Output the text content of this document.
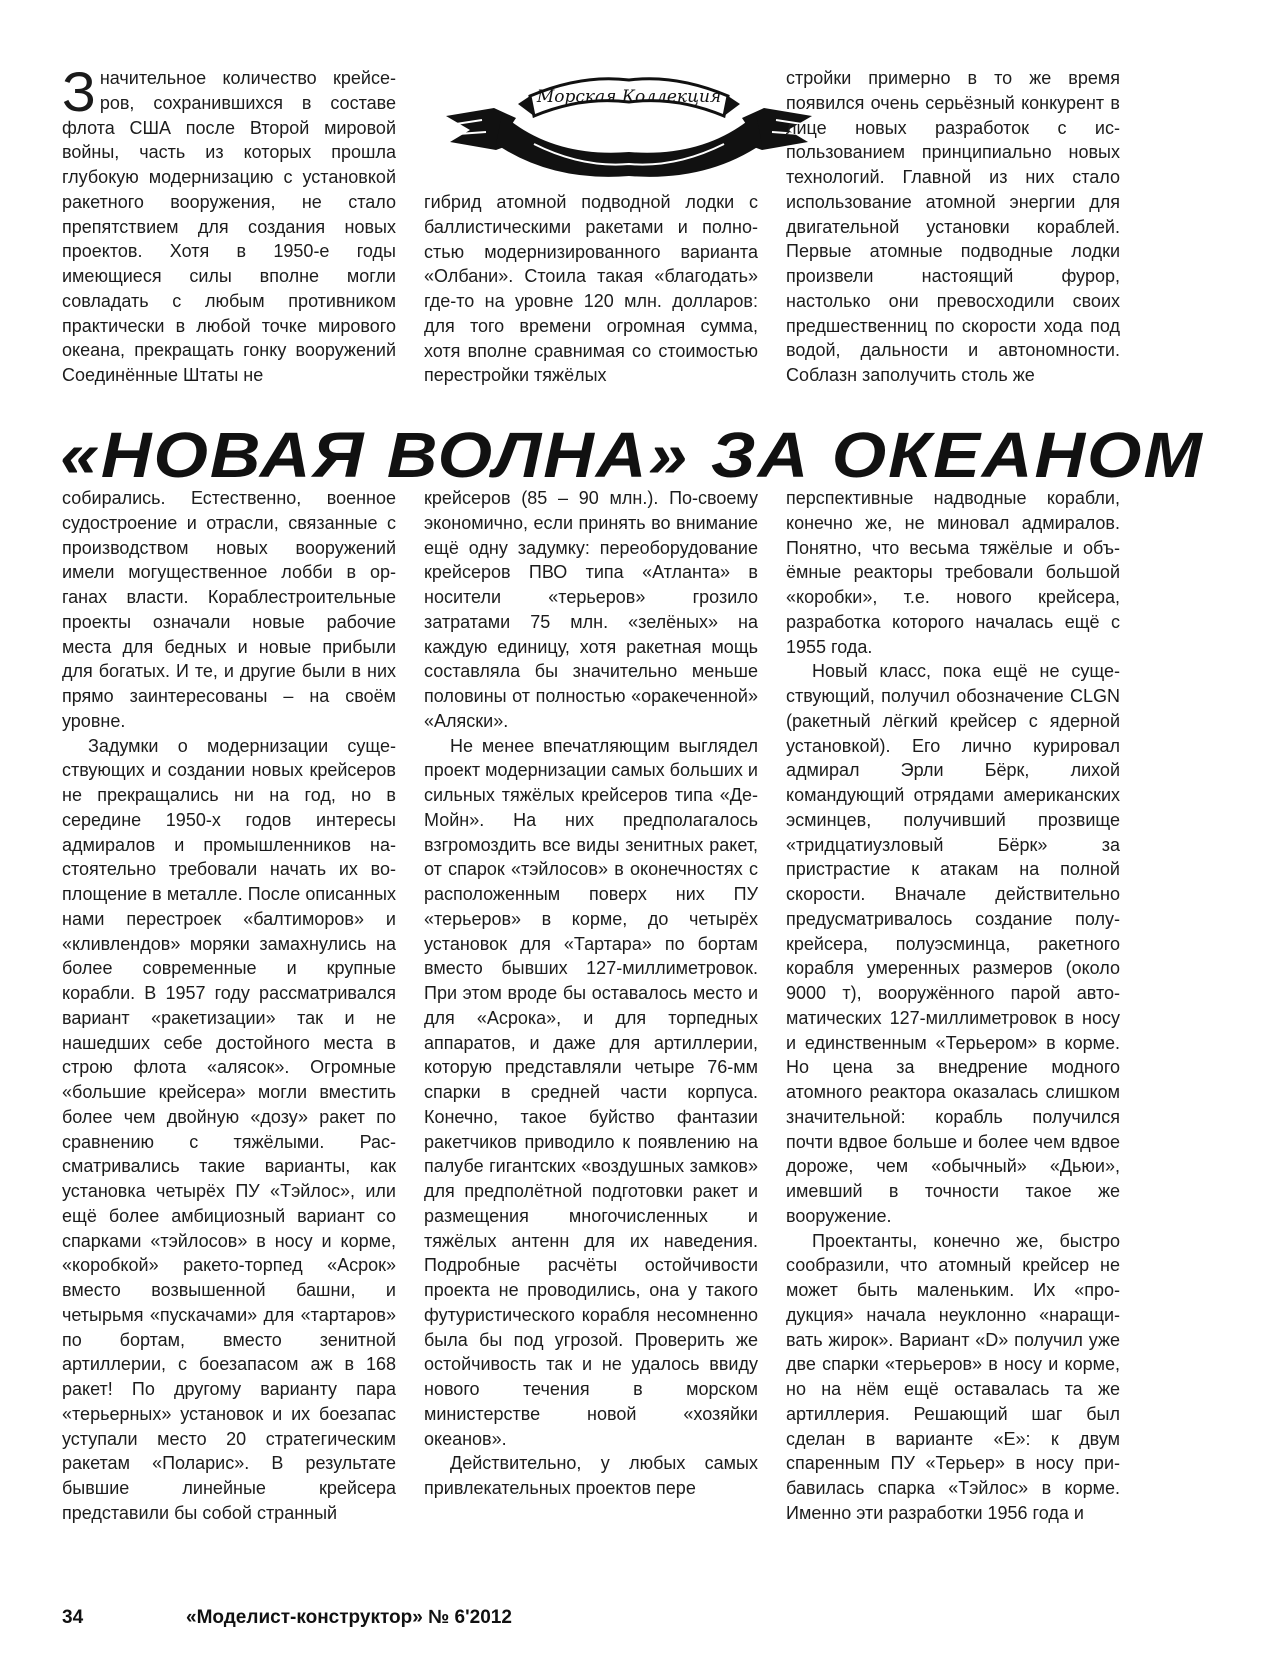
Значительное количество крейсеров, сохранившихся в составе флота США после Второй мировой войны, часть из которых прошла глубокую модернизацию с установкой ракетного вооружения, не стало препятствием для создания новых проектов. Хотя в 1950-е годы имеющиеся силы вполне могли совладать с любым противником практически в любой точке мирового океана, прекращать гонку вооружений Соединённые Штаты не

Морская Коллекция

гибрид атомной подводной лодки с баллистическими ракетами и полностью модернизированного варианта «Олбани». Стоила такая «благодать» где-то на уровне 120 млн. долларов: для того времени огромная сумма, хотя вполне сравнимая со стоимостью перестройки тяжёлых

стройки примерно в то же время появился очень серьёзный конкурент в лице новых разработок с использованием принципиально новых технологий. Главной из них стало использование атомной энергии для двигательной установки кораблей. Первые атомные подводные лодки произвели настоящий фурор, настолько они превосходили своих предшественниц по скорости хода под водой, дальности и автономности. Соблазн заполучить столь же

«НОВАЯ ВОЛНА» ЗА ОКЕАНОМ

собирались. Естественно, военное судостроение и отрасли, связанные с производством новых вооружений имели могущественное лобби в органах власти. Кораблестроительные проекты означали новые рабочие места для бедных и новые прибыли для богатых. И те, и другие были в них прямо заинтересованы – на своём уровне.

Задумки о модернизации существующих и создании новых крейсеров не прекращались ни на год, но в середине 1950-х годов интересы адмиралов и промышленников настоятельно требовали начать их воплощение в металле. После описанных нами перестроек «балтиморов» и «кливлендов» моряки замахнулись на более современные и крупные корабли. В 1957 году рассматривался вариант «ракетизации» так и не нашедших себе достойного места в строю флота «алясок». Огромные «большие крейсера» могли вместить более чем двойную «дозу» ракет по сравнению с тяжёлыми. Рассматривались такие варианты, как установка четырёх ПУ «Тэйлос», или ещё более амбициозный вариант со спарками «тэйлосов» в носу и корме, «коробкой» ракето-торпед «Асрок» вместо возвышенной башни, и четырьмя «пускачами» для «тартаров» по бортам, вместо зенитной артиллерии, с боезапасом аж в 168 ракет! По другому варианту пара «терьерных» установок и их боезапас уступали место 20 стратегическим ракетам «Поларис». В результате бывшие линейные крейсера представили бы собой странный

крейсеров (85 – 90 млн.). По-своему экономично, если принять во внимание ещё одну задумку: переоборудование крейсеров ПВО типа «Атланта» в носители «терьеров» грозило затратами 75 млн. «зелёных» на каждую единицу, хотя ракетная мощь составляла бы значительно меньше половины от полностью «оракеченной» «Аляски».

Не менее впечатляющим выглядел проект модернизации самых больших и сильных тяжёлых крейсеров типа «Де-Мойн». На них предполагалось взгромоздить все виды зенитных ракет, от спарок «тэйлосов» в оконечностях с расположенным поверх них ПУ «терьеров» в корме, до четырёх установок для «Тартара» по бортам вместо бывших 127-миллиметровок. При этом вроде бы оставалось место и для «Асрока», и для торпедных аппаратов, и даже для артиллерии, которую представляли четыре 76-мм спарки в средней части корпуса. Конечно, такое буйство фантазии ракетчиков приводило к появлению на палубе гигантских «воздушных замков» для предполётной подготовки ракет и размещения многочисленных и тяжёлых антенн для их наведения. Подробные расчёты остойчивости проекта не проводились, она у такого футуристического корабля несомненно была бы под угрозой. Проверить же остойчивость так и не удалось ввиду нового течения в морском министерстве новой «хозяйки океанов».

Действительно, у любых самых привлекательных проектов пере

перспективные надводные корабли, конечно же, не миновал адмиралов. Понятно, что весьма тяжёлые и объёмные реакторы требовали большой «коробки», т.е. нового крейсера, разработка которого началась ещё с 1955 года.

Новый класс, пока ещё не существующий, получил обозначение CLGN (ракетный лёгкий крейсер с ядерной установкой). Его лично курировал адмирал Эрли Бёрк, лихой командующий отрядами американских эсминцев, получивший прозвище «тридцатиузловый Бёрк» за пристрастие к атакам на полной скорости. Вначале действительно предусматривалось создание полукрейсера, полуэсминца, ракетного корабля умеренных размеров (около 9000 т), вооружённого парой автоматических 127-миллиметровок в носу и единственным «Терьером» в корме. Но цена за внедрение модного атомного реактора оказалась слишком значительной: корабль получился почти вдвое больше и более чем вдвое дороже, чем «обычный» «Дьюи», имевший в точности такое же вооружение.

Проектанты, конечно же, быстро сообразили, что атомный крейсер не может быть маленьким. Их «продукция» начала неуклонно «наращивать жирок». Вариант «D» получил уже две спарки «терьеров» в носу и корме, но на нём ещё оставалась та же артиллерия. Решающий шаг был сделан в варианте «E»: к двум спаренным ПУ «Терьер» в носу прибавилась спарка «Тэйлос» в корме. Именно эти разработки 1956 года и

34	«Моделист-конструктор» № 6'2012
